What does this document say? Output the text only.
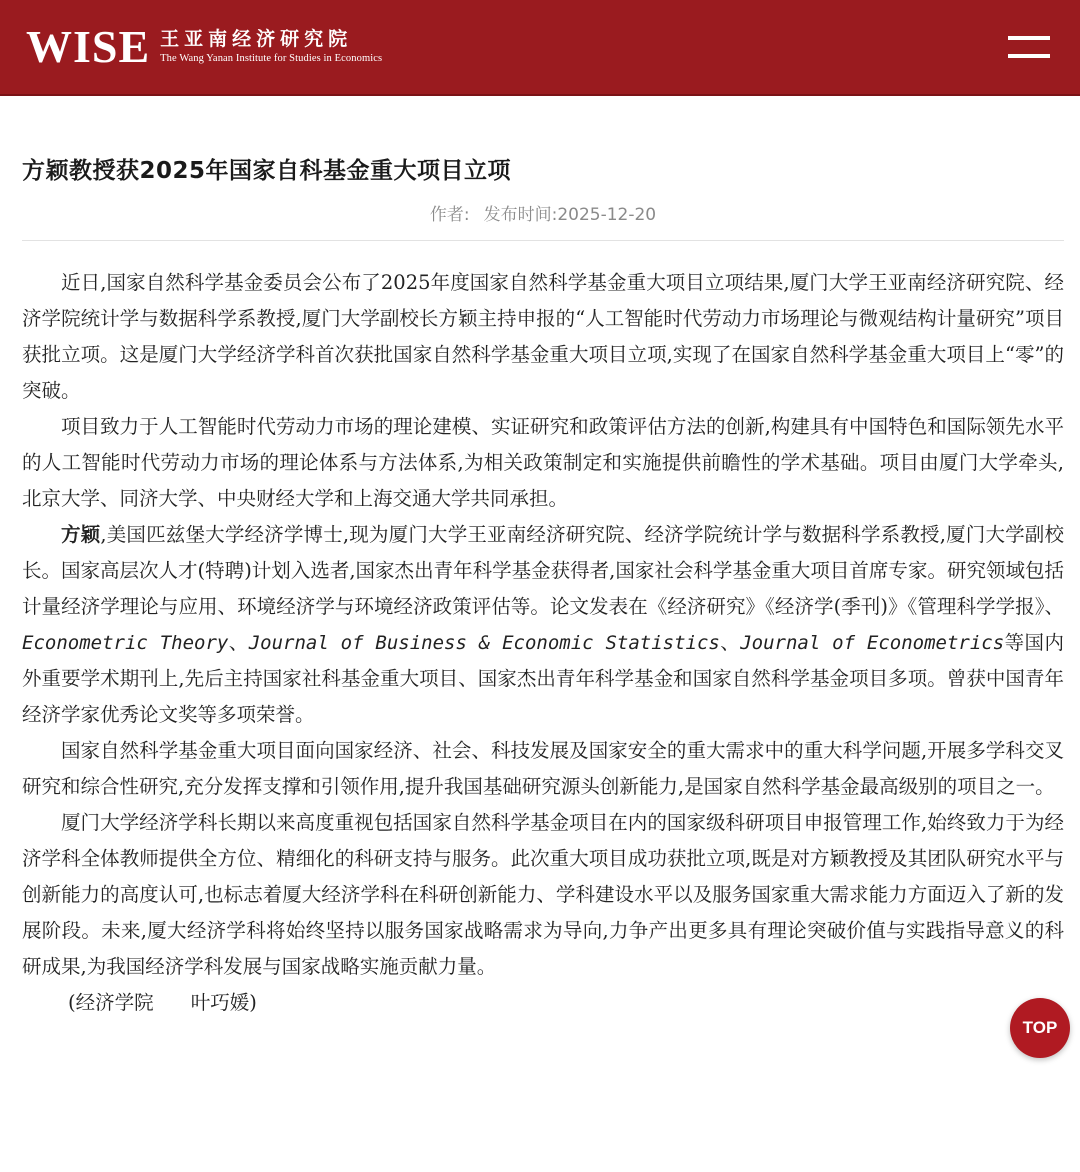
WISE 王亚南经济研究院
The Wang Yanan Institute for Studies in Economics
方颖教授获2025年国家自科基金重大项目立项
作者: 发布时间:2025-12-20

近日,国家自然科学基金委员会公布了2025年度国家自然科学基金重大项目立项结果,厦门大学王亚南经济研究院、经济学院统计学与数据科学系教授,厦门大学副校长方颖主持申报的“人工智能时代劳动力市场理论与微观结构计量研究”项目获批立项。这是厦门大学经济学科首次获批国家自然科学基金重大项目立项,实现了在国家自然科学基金重大项目上“零”的突破。

项目致力于人工智能时代劳动力市场的理论建模、实证研究和政策评估方法的创新,构建具有中国特色和国际领先水平的人工智能时代劳动力市场的理论体系与方法体系,为相关政策制定和实施提供前瞻性的学术基础。项目由厦门大学牵头,北京大学、同济大学、中央财经大学和上海交通大学共同承担。

方颖,美国匹兹堡大学经济学博士,现为厦门大学王亚南经济研究院、经济学院统计学与数据科学系教授,厦门大学副校长。国家高层次人才(特聘)计划入选者,国家杰出青年科学基金获得者,国家社会科学基金重大项目首席专家。研究领域包括计量经济学理论与应用、环境经济学与环境经济政策评估等。论文发表在《经济研究》《经济学(季刊)》《管理科学学报》、Econometric Theory、Journal of Business & Economic Statistics、Journal of Econometrics等国内外重要学术期刊上,先后主持国家社科基金重大项目、国家杰出青年科学基金和国家自然科学基金项目多项。曾获中国青年经济学家优秀论文奖等多项荣誉。

国家自然科学基金重大项目面向国家经济、社会、科技发展及国家安全的重大需求中的重大科学问题,开展多学科交叉研究和综合性研究,充分发挥支撑和引领作用,提升我国基础研究源头创新能力,是国家自然科学基金最高级别的项目之一。

厦门大学经济学科长期以来高度重视包括国家自然科学基金项目在内的国家级科研项目申报管理工作,始终致力于为经济学科全体教师提供全方位、精细化的科研支持与服务。此次重大项目成功获批立项,既是对方颖教授及其团队研究水平与创新能力的高度认可,也标志着厦大经济学科在科研创新能力、学科建设水平以及服务国家重大需求能力方面迈入了新的发展阶段。未来,厦大经济学科将始终坚持以服务国家战略需求为导向,力争产出更多具有理论突破价值与实践指导意义的科研成果,为我国经济学科发展与国家战略实施贡献力量。

(经济学院      叶巧媛)
TOP
